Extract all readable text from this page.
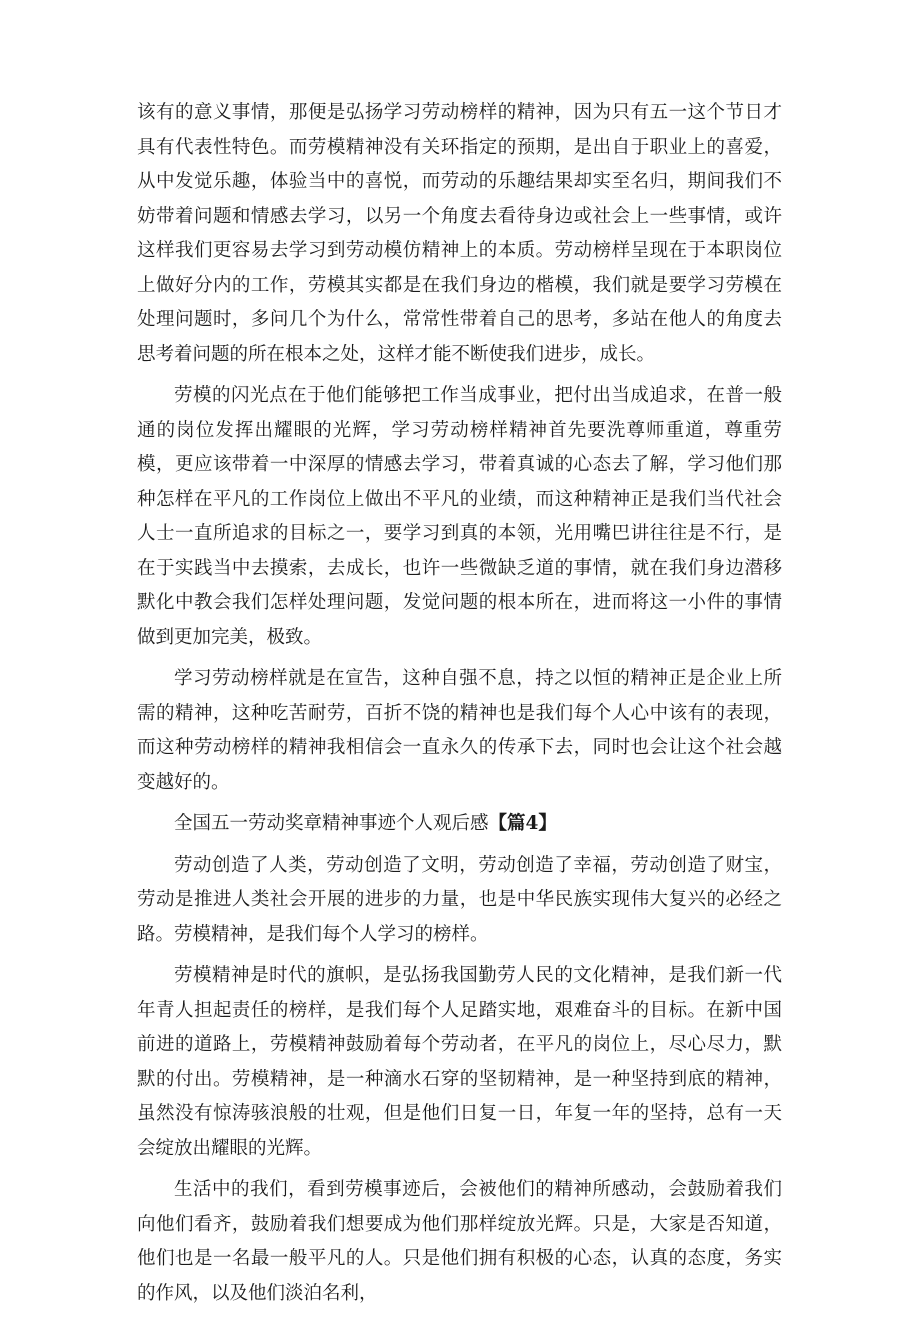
该有的意义事情，那便是弘扬学习劳动榜样的精神，因为只有五一这个节日才具有代表性特色。而劳模精神没有关环指定的预期，是出自于职业上的喜爱，从中发觉乐趣，体验当中的喜悦，而劳动的乐趣结果却实至名归，期间我们不妨带着问题和情感去学习，以另一个角度去看待身边或社会上一些事情，或许这样我们更容易去学习到劳动模仿精神上的本质。劳动榜样呈现在于本职岗位上做好分内的工作，劳模其实都是在我们身边的楷模，我们就是要学习劳模在处理问题时，多问几个为什么，常常性带着自己的思考，多站在他人的角度去思考着问题的所在根本之处，这样才能不断使我们进步，成长。

劳模的闪光点在于他们能够把工作当成事业，把付出当成追求，在普一般通的岗位发挥出耀眼的光辉，学习劳动榜样精神首先要洗尊师重道，尊重劳模，更应该带着一中深厚的情感去学习，带着真诚的心态去了解，学习他们那种怎样在平凡的工作岗位上做出不平凡的业绩，而这种精神正是我们当代社会人士一直所追求的目标之一，要学习到真的本领，光用嘴巴讲往往是不行，是在于实践当中去摸索，去成长，也许一些微缺乏道的事情，就在我们身边潜移默化中教会我们怎样处理问题，发觉问题的根本所在，进而将这一小件的事情做到更加完美，极致。

学习劳动榜样就是在宣告，这种自强不息，持之以恒的精神正是企业上所需的精神，这种吃苦耐劳，百折不饶的精神也是我们每个人心中该有的表现，而这种劳动榜样的精神我相信会一直永久的传承下去，同时也会让这个社会越变越好的。

全国五一劳动奖章精神事迹个人观后感【篇4】

劳动创造了人类，劳动创造了文明，劳动创造了幸福，劳动创造了财宝，劳动是推进人类社会开展的进步的力量，也是中华民族实现伟大复兴的必经之路。劳模精神，是我们每个人学习的榜样。

劳模精神是时代的旗帜，是弘扬我国勤劳人民的文化精神，是我们新一代年青人担起责任的榜样，是我们每个人足踏实地，艰难奋斗的目标。在新中国前进的道路上，劳模精神鼓励着每个劳动者，在平凡的岗位上，尽心尽力，默默的付出。劳模精神，是一种滴水石穿的坚韧精神，是一种坚持到底的精神，虽然没有惊涛骇浪般的壮观，但是他们日复一日，年复一年的坚持，总有一天会绽放出耀眼的光辉。

生活中的我们，看到劳模事迹后，会被他们的精神所感动，会鼓励着我们向他们看齐，鼓励着我们想要成为他们那样绽放光辉。只是，大家是否知道，他们也是一名最一般平凡的人。只是他们拥有积极的心态，认真的态度，务实的作风，以及他们淡泊名利，
